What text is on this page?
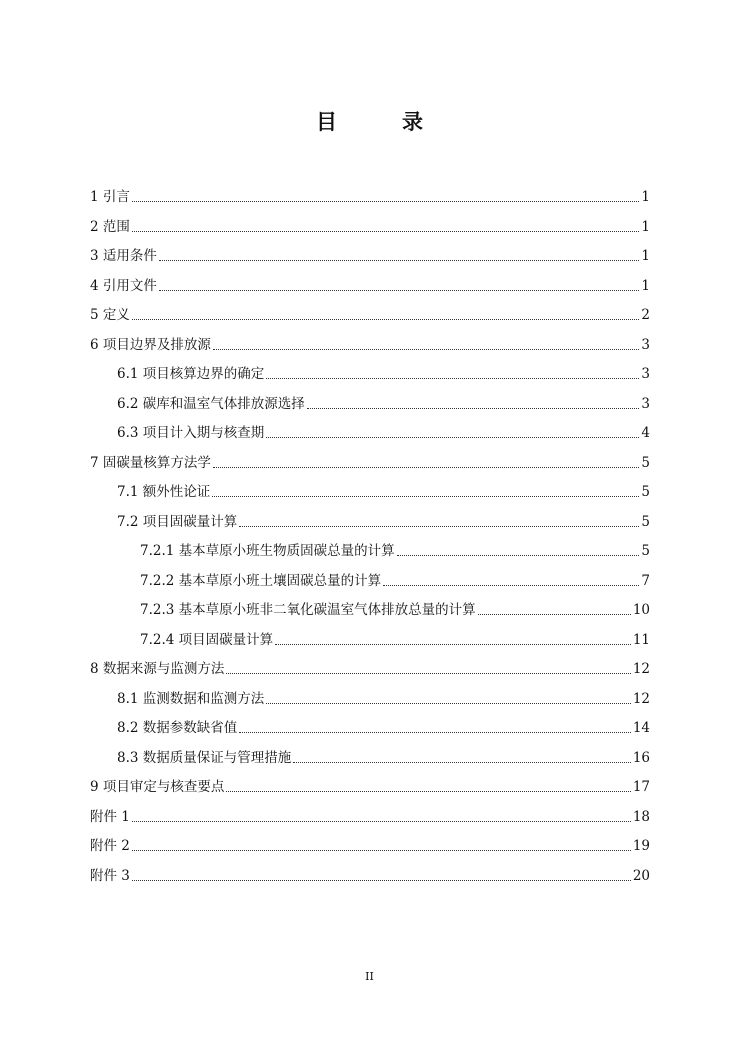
目　录
1 引言	1
2 范围	1
3 适用条件	1
4 引用文件	1
5 定义	2
6 项目边界及排放源	3
6.1 项目核算边界的确定	3
6.2 碳库和温室气体排放源选择	3
6.3 项目计入期与核查期	4
7 固碳量核算方法学	5
7.1 额外性论证	5
7.2 项目固碳量计算	5
7.2.1 基本草原小班生物质固碳总量的计算	5
7.2.2 基本草原小班土壤固碳总量的计算	7
7.2.3 基本草原小班非二氧化碳温室气体排放总量的计算	10
7.2.4 项目固碳量计算	11
8 数据来源与监测方法	12
8.1 监测数据和监测方法	12
8.2 数据参数缺省值	14
8.3 数据质量保证与管理措施	16
9 项目审定与核查要点	17
附件 1	18
附件 2	19
附件 3	20
II
